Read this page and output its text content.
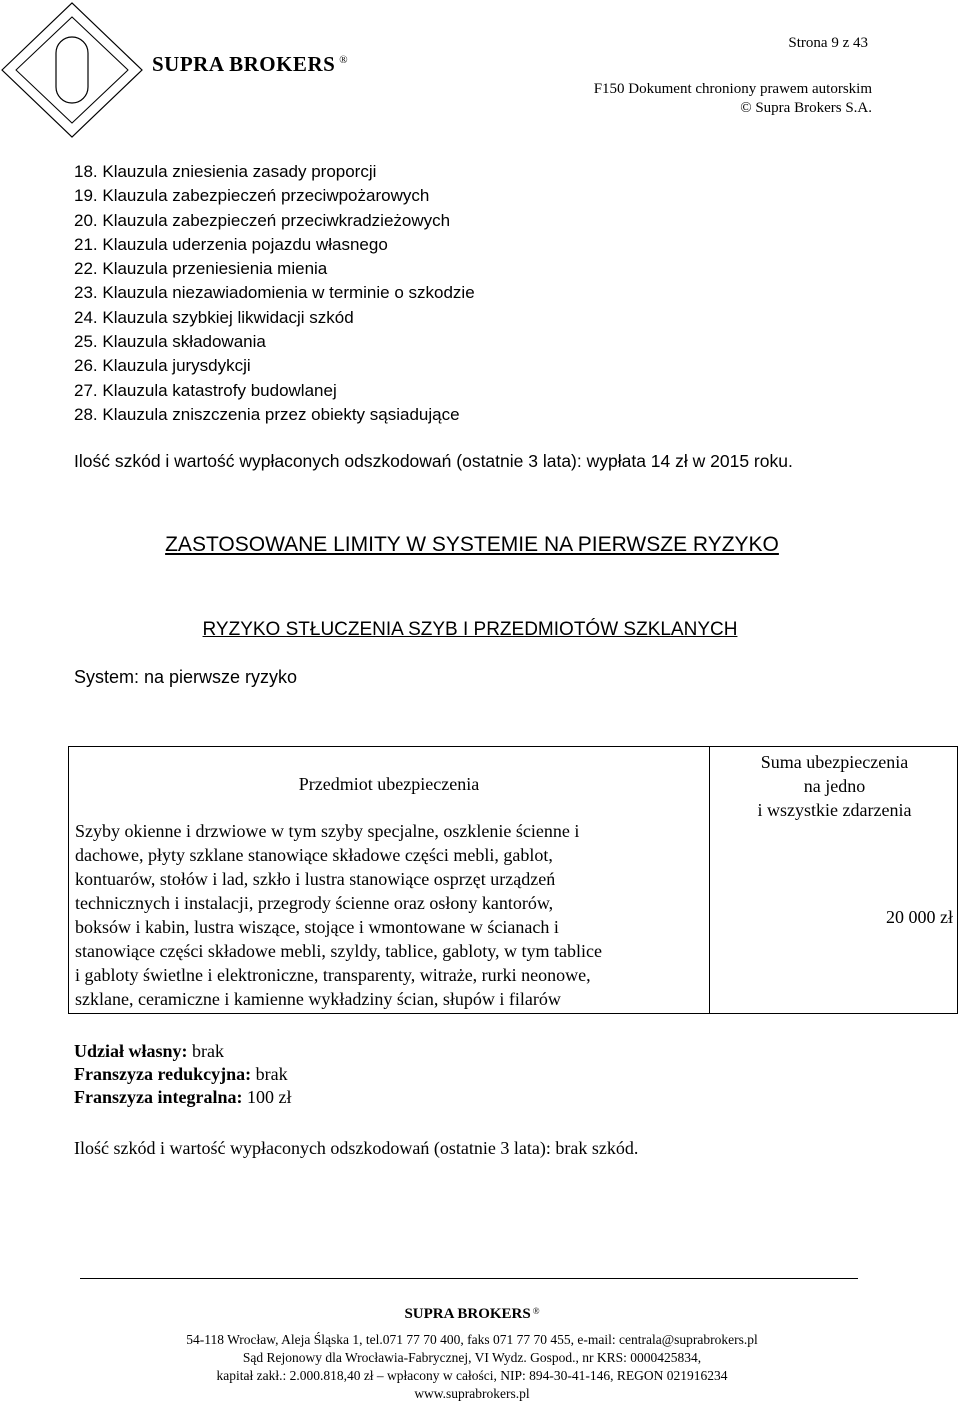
SUPRA BROKERS ®
Strona 9 z 43
F150 Dokument chroniony prawem autorskim
© Supra Brokers S.A.
18. Klauzula zniesienia zasady proporcji
19. Klauzula zabezpieczeń przeciwpożarowych
20. Klauzula zabezpieczeń przeciwkradzieżowych
21. Klauzula uderzenia pojazdu własnego
22. Klauzula przeniesienia mienia
23. Klauzula niezawiadomienia w terminie o szkodzie
24. Klauzula szybkiej likwidacji szkód
25. Klauzula składowania
26. Klauzula jurysdykcji
27. Klauzula katastrofy budowlanej
28. Klauzula zniszczenia przez obiekty sąsiadujące
Ilość szkód i wartość wypłaconych odszkodowań (ostatnie 3 lata): wypłata 14 zł w 2015 roku.
ZASTOSOWANE LIMITY W SYSTEMIE NA PIERWSZE RYZYKO
RYZYKO STŁUCZENIA SZYB I PRZEDMIOTÓW SZKLANYCH
System: na pierwsze ryzyko
Przedmiot ubezpieczenia
Suma ubezpieczenia
na jedno
i wszystkie zdarzenia
Szyby okienne i drzwiowe w tym szyby specjalne, oszklenie ścienne i
dachowe, płyty szklane stanowiące składowe części mebli, gablot,
kontuarów, stołów i lad, szkło i lustra stanowiące osprzęt urządzeń
technicznych i instalacji, przegrody ścienne oraz osłony kantorów,
boksów i kabin, lustra wiszące, stojące i wmontowane w ścianach i
stanowiące części składowe mebli, szyldy, tablice, gabloty, w tym tablice
i gabloty świetlne i elektroniczne, transparenty, witraże, rurki neonowe,
szklane, ceramiczne i kamienne wykładziny ścian, słupów i filarów
20 000 zł
Udział własny: brak
Franszyza redukcyjna: brak
Franszyza integralna: 100 zł
Ilość szkód i wartość wypłaconych odszkodowań (ostatnie 3 lata): brak szkód.
SUPRA BROKERS ®
54-118 Wrocław, Aleja Śląska 1, tel.071 77 70 400, faks 071 77 70 455, e-mail: centrala@suprabrokers.pl
Sąd Rejonowy dla Wrocławia-Fabrycznej, VI Wydz. Gospod., nr KRS: 0000425834,
kapitał zakł.: 2.000.818,40 zł – wpłacony w całości, NIP: 894-30-41-146, REGON 021916234
www.suprabrokers.pl
